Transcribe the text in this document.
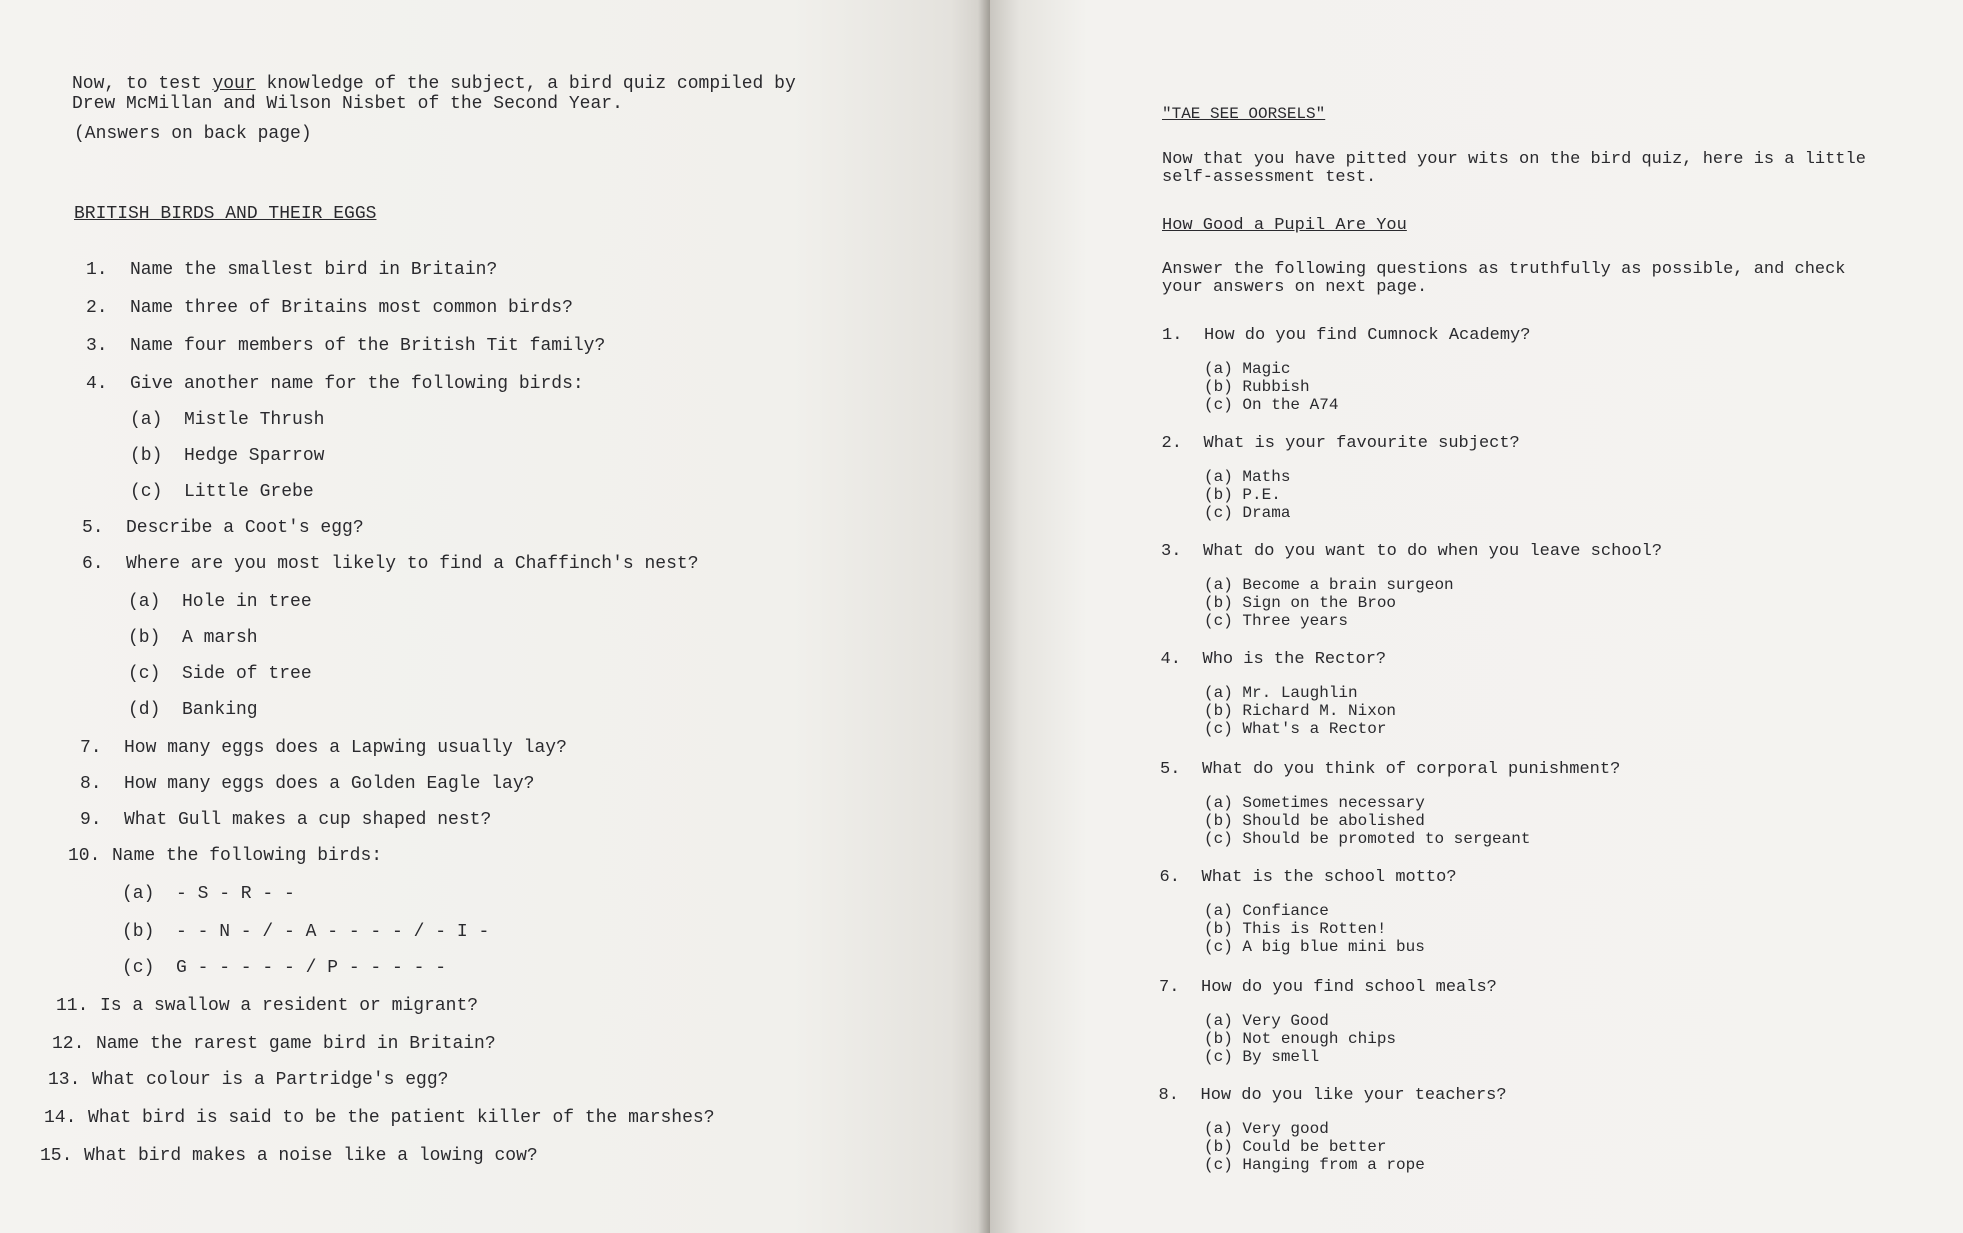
Now, to test your knowledge of the subject, a bird quiz compiled by
Drew McMillan and Wilson Nisbet of the Second Year.
(Answers on back page)
BRITISH BIRDS AND THEIR EGGS
1. Name the smallest bird in Britain?
2. Name three of Britains most common birds?
3. Name four members of the British Tit family?
4. Give another name for the following birds:
(a) Mistle Thrush
(b) Hedge Sparrow
(c) Little Grebe
5. Describe a Coot's egg?
6. Where are you most likely to find a Chaffinch's nest?
(a) Hole in tree
(b) A marsh
(c) Side of tree
(d) Banking
7. How many eggs does a Lapwing usually lay?
8. How many eggs does a Golden Eagle lay?
9. What Gull makes a cup shaped nest?
10. Name the following birds:
(a) - S - R - -
(b) - - N - / - A - - - - / - I -
(c) G - - - - - / P - - - - -
11. Is a swallow a resident or migrant?
12. Name the rarest game bird in Britain?
13. What colour is a Partridge's egg?
14. What bird is said to be the patient killer of the marshes?
15. What bird makes a noise like a lowing cow?
"TAE SEE OORSELS"
Now that you have pitted your wits on the bird quiz, here is a little
self-assessment test.
How Good a Pupil Are You
Answer the following questions as truthfully as possible, and check
your answers on next page.
1. How do you find Cumnock Academy?
(a) Magic
(b) Rubbish
(c) On the A74
2. What is your favourite subject?
(a) Maths
(b) P.E.
(c) Drama
3. What do you want to do when you leave school?
(a) Become a brain surgeon
(b) Sign on the Broo
(c) Three years
4. Who is the Rector?
(a) Mr. Laughlin
(b) Richard M. Nixon
(c) What's a Rector
5. What do you think of corporal punishment?
(a) Sometimes necessary
(b) Should be abolished
(c) Should be promoted to sergeant
6. What is the school motto?
(a) Confiance
(b) This is Rotten!
(c) A big blue mini bus
7. How do you find school meals?
(a) Very Good
(b) Not enough chips
(c) By smell
8. How do you like your teachers?
(a) Very good
(b) Could be better
(c) Hanging from a rope
